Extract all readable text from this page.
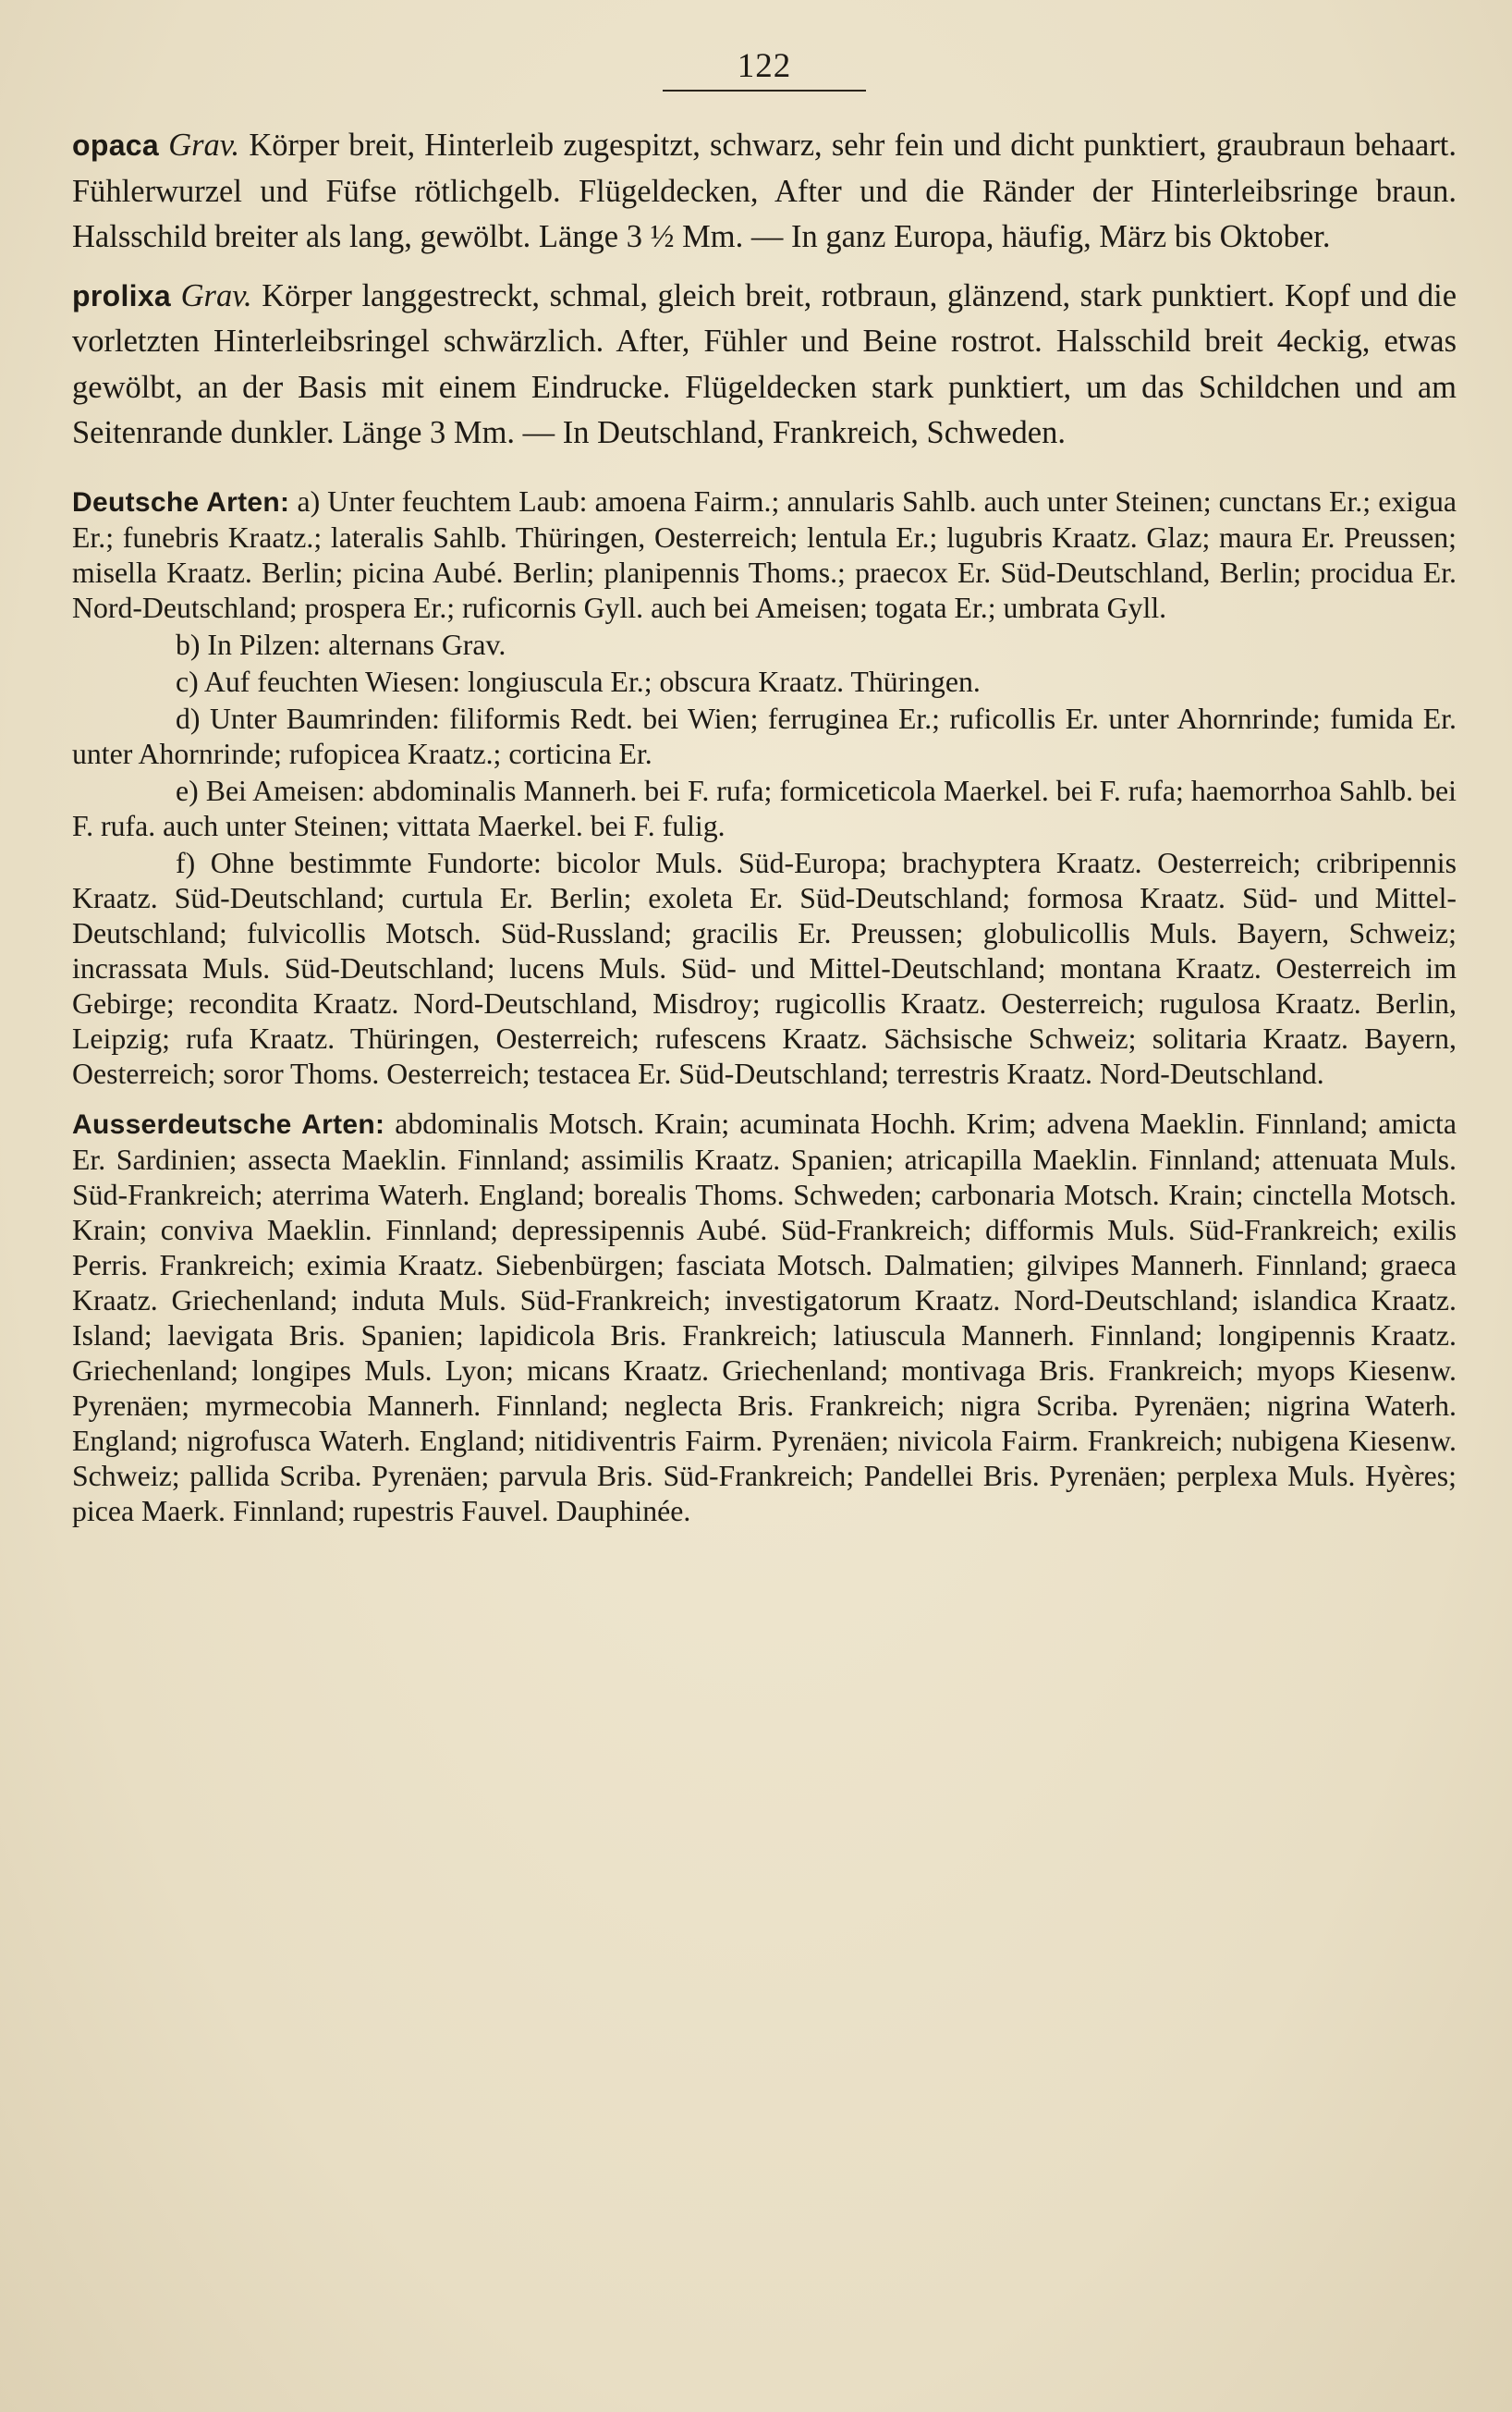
122

opaca Grav. Körper breit, Hinterleib zugespitzt, schwarz, sehr fein und dicht punktiert, graubraun behaart. Fühlerwurzel und Füfse rötlichgelb. Flügeldecken, After und die Ränder der Hinterleibsringe braun. Halsschild breiter als lang, gewölbt. Länge 3 ½ Mm. — In ganz Europa, häufig, März bis Oktober.

prolixa Grav. Körper langgestreckt, schmal, gleich breit, rotbraun, glänzend, stark punktiert. Kopf und die vorletzten Hinterleibsringel schwärzlich. After, Fühler und Beine rostrot. Halsschild breit 4eckig, etwas gewölbt, an der Basis mit einem Eindrucke. Flügeldecken stark punktiert, um das Schildchen und am Seitenrande dunkler. Länge 3 Mm. — In Deutschland, Frankreich, Schweden.

Deutsche Arten: a) Unter feuchtem Laub: amoena Fairm.; annularis Sahlb. auch unter Steinen; cunctans Er.; exigua Er.; funebris Kraatz.; lateralis Sahlb. Thüringen, Oesterreich; lentula Er.; lugubris Kraatz. Glaz; maura Er. Preussen; misella Kraatz. Berlin; picina Aubé. Berlin; planipennis Thoms.; praecox Er. Süd-Deutschland, Berlin; procidua Er. Nord-Deutschland; prospera Er.; ruficornis Gyll. auch bei Ameisen; togata Er.; umbrata Gyll.

b) In Pilzen: alternans Grav.

c) Auf feuchten Wiesen: longiuscula Er.; obscura Kraatz. Thüringen.

d) Unter Baumrinden: filiformis Redt. bei Wien; ferruginea Er.; ruficollis Er. unter Ahornrinde; fumida Er. unter Ahornrinde; rufopicea Kraatz.; corticina Er.

e) Bei Ameisen: abdominalis Mannerh. bei F. rufa; formiceticola Maerkel. bei F. rufa; haemorrhoa Sahlb. bei F. rufa. auch unter Steinen; vittata Maerkel. bei F. fulig.

f) Ohne bestimmte Fundorte: bicolor Muls. Süd-Europa; brachyptera Kraatz. Oesterreich; cribripennis Kraatz. Süd-Deutschland; curtula Er. Berlin; exoleta Er. Süd-Deutschland; formosa Kraatz. Süd- und Mittel-Deutschland; fulvicollis Motsch. Süd-Russland; gracilis Er. Preussen; globulicollis Muls. Bayern, Schweiz; incrassata Muls. Süd-Deutschland; lucens Muls. Süd- und Mittel-Deutschland; montana Kraatz. Oesterreich im Gebirge; recondita Kraatz. Nord-Deutschland, Misdroy; rugicollis Kraatz. Oesterreich; rugulosa Kraatz. Berlin, Leipzig; rufa Kraatz. Thüringen, Oesterreich; rufescens Kraatz. Sächsische Schweiz; solitaria Kraatz. Bayern, Oesterreich; soror Thoms. Oesterreich; testacea Er. Süd-Deutschland; terrestris Kraatz. Nord-Deutschland.

Ausserdeutsche Arten: abdominalis Motsch. Krain; acuminata Hochh. Krim; advena Maeklin. Finnland; amicta Er. Sardinien; assecta Maeklin. Finnland; assimilis Kraatz. Spanien; atricapilla Maeklin. Finnland; attenuata Muls. Süd-Frankreich; aterrima Waterh. England; borealis Thoms. Schweden; carbonaria Motsch. Krain; cinctella Motsch. Krain; conviva Maeklin. Finnland; depressipennis Aubé. Süd-Frankreich; difformis Muls. Süd-Frankreich; exilis Perris. Frankreich; eximia Kraatz. Siebenbürgen; fasciata Motsch. Dalmatien; gilvipes Mannerh. Finnland; graeca Kraatz. Griechenland; induta Muls. Süd-Frankreich; investigatorum Kraatz. Nord-Deutschland; islandica Kraatz. Island; laevigata Bris. Spanien; lapidicola Bris. Frankreich; latiuscula Mannerh. Finnland; longipennis Kraatz. Griechenland; longipes Muls. Lyon; micans Kraatz. Griechenland; montivaga Bris. Frankreich; myops Kiesenw. Pyrenäen; myrmecobia Mannerh. Finnland; neglecta Bris. Frankreich; nigra Scriba. Pyrenäen; nigrina Waterh. England; nigrofusca Waterh. England; nitidiventris Fairm. Pyrenäen; nivicola Fairm. Frankreich; nubigena Kiesenw. Schweiz; pallida Scriba. Pyrenäen; parvula Bris. Süd-Frankreich; Pandellei Bris. Pyrenäen; perplexa Muls. Hyères; picea Maerk. Finnland; rupestris Fauvel. Dauphinée.
